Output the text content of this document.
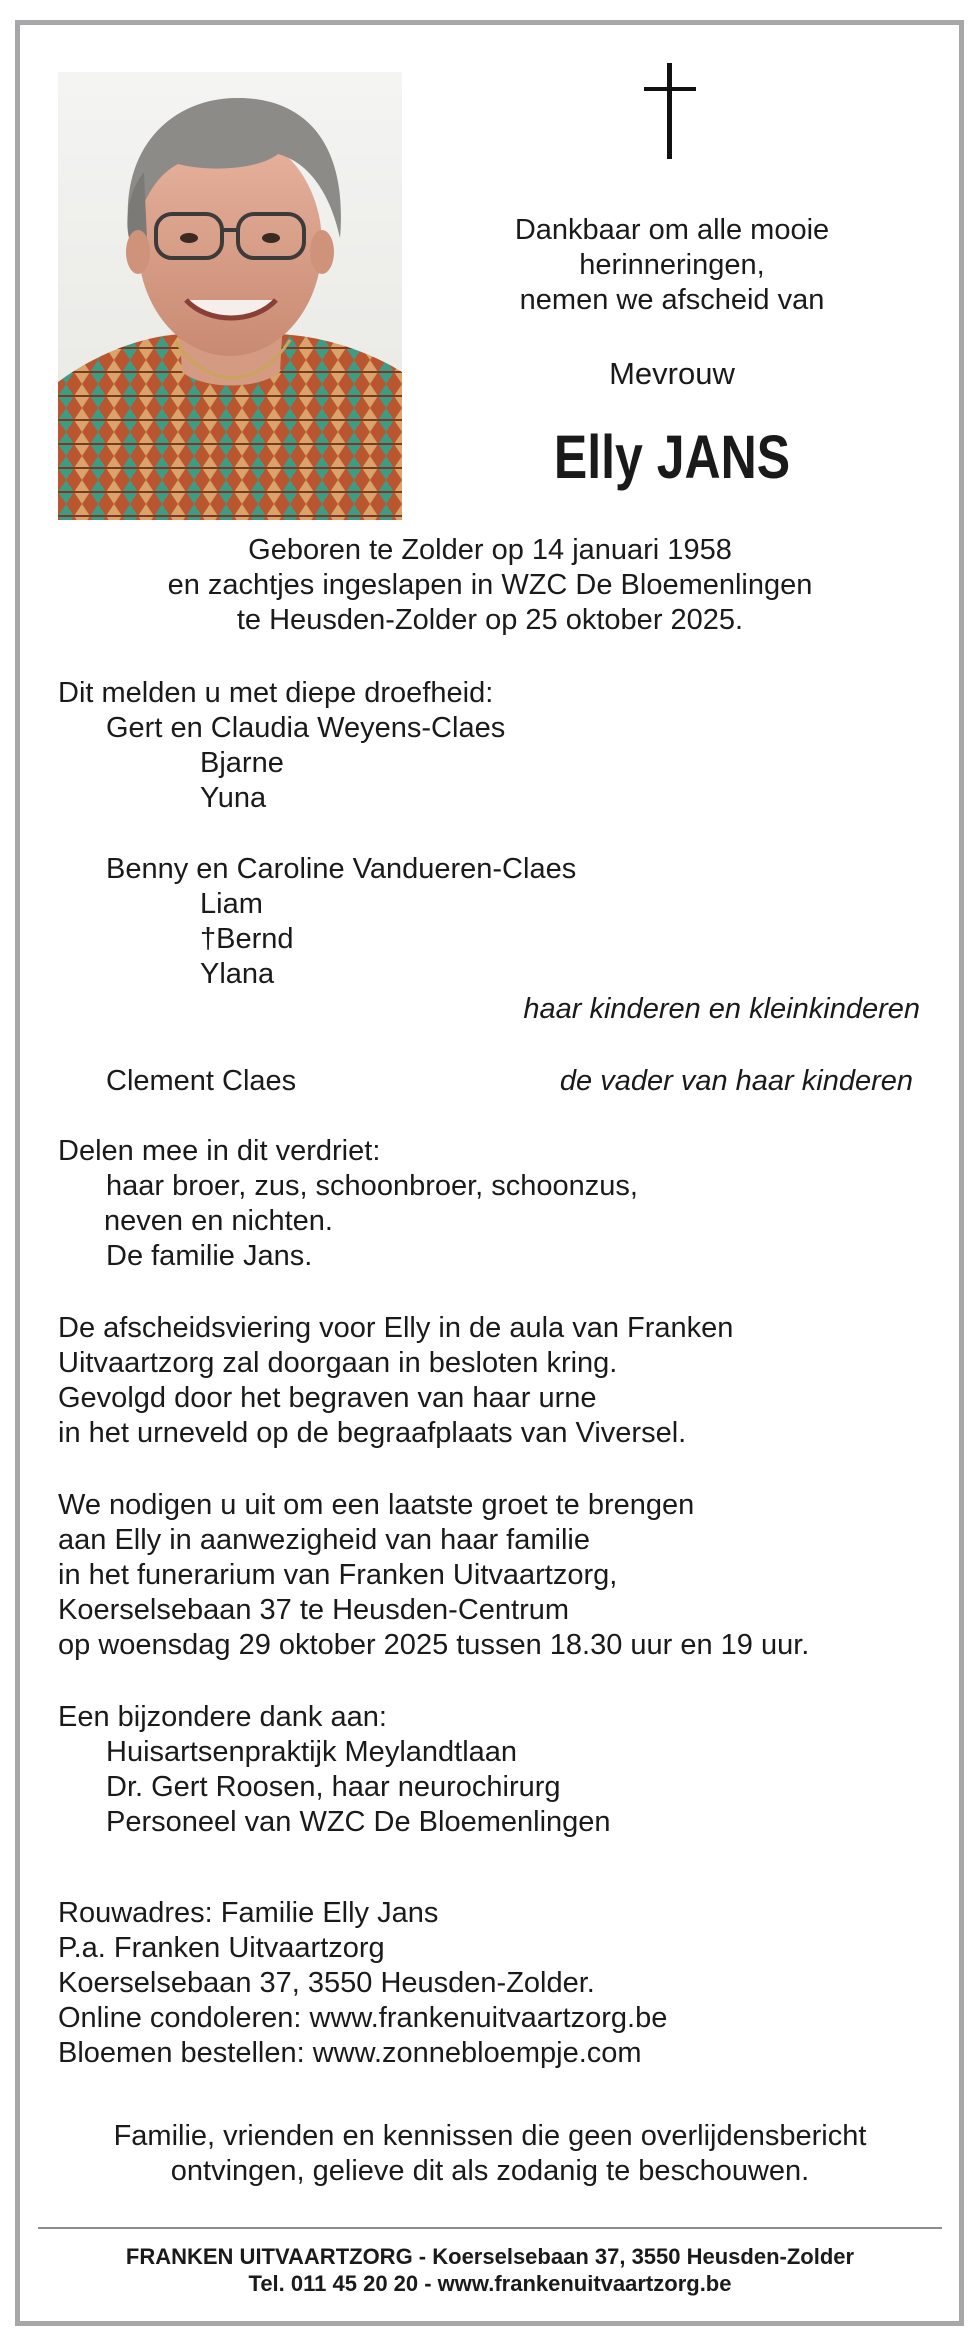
Dankbaar om alle mooie
herinneringen,
nemen we afscheid van
Mevrouw
Elly JANS
Geboren te Zolder op 14 januari 1958
en zachtjes ingeslapen in WZC De Bloemenlingen
te Heusden-Zolder op 25 oktober 2025.
Dit melden u met diepe droefheid:
Gert en Claudia Weyens-Claes
Bjarne
Yuna
Benny en Caroline Vandueren-Claes
Liam
†Bernd
Ylana
haar kinderen en kleinkinderen
Clement Claes	de vader van haar kinderen
Delen mee in dit verdriet:
haar broer, zus, schoonbroer, schoonzus,
neven en nichten.
De familie Jans.
De afscheidsviering voor Elly in de aula van Franken
Uitvaartzorg zal doorgaan in besloten kring.
Gevolgd door het begraven van haar urne
in het urneveld op de begraafplaats van Viversel.
We nodigen u uit om een laatste groet te brengen
aan Elly in aanwezigheid van haar familie
in het funerarium van Franken Uitvaartzorg,
Koerselsebaan 37 te Heusden-Centrum
op woensdag 29 oktober 2025 tussen 18.30 uur en 19 uur.
Een bijzondere dank aan:
Huisartsenpraktijk Meylandtlaan
Dr. Gert Roosen, haar neurochirurg
Personeel van WZC De Bloemenlingen
Rouwadres: Familie Elly Jans
P.a. Franken Uitvaartzorg
Koerselsebaan 37, 3550 Heusden-Zolder.
Online condoleren: www.frankenuitvaartzorg.be
Bloemen bestellen: www.zonnebloempje.com
Familie, vrienden en kennissen die geen overlijdensbericht
ontvingen, gelieve dit als zodanig te beschouwen.
FRANKEN UITVAARTZORG - Koerselsebaan 37, 3550 Heusden-Zolder
Tel. 011 45 20 20 - www.frankenuitvaartzorg.be
